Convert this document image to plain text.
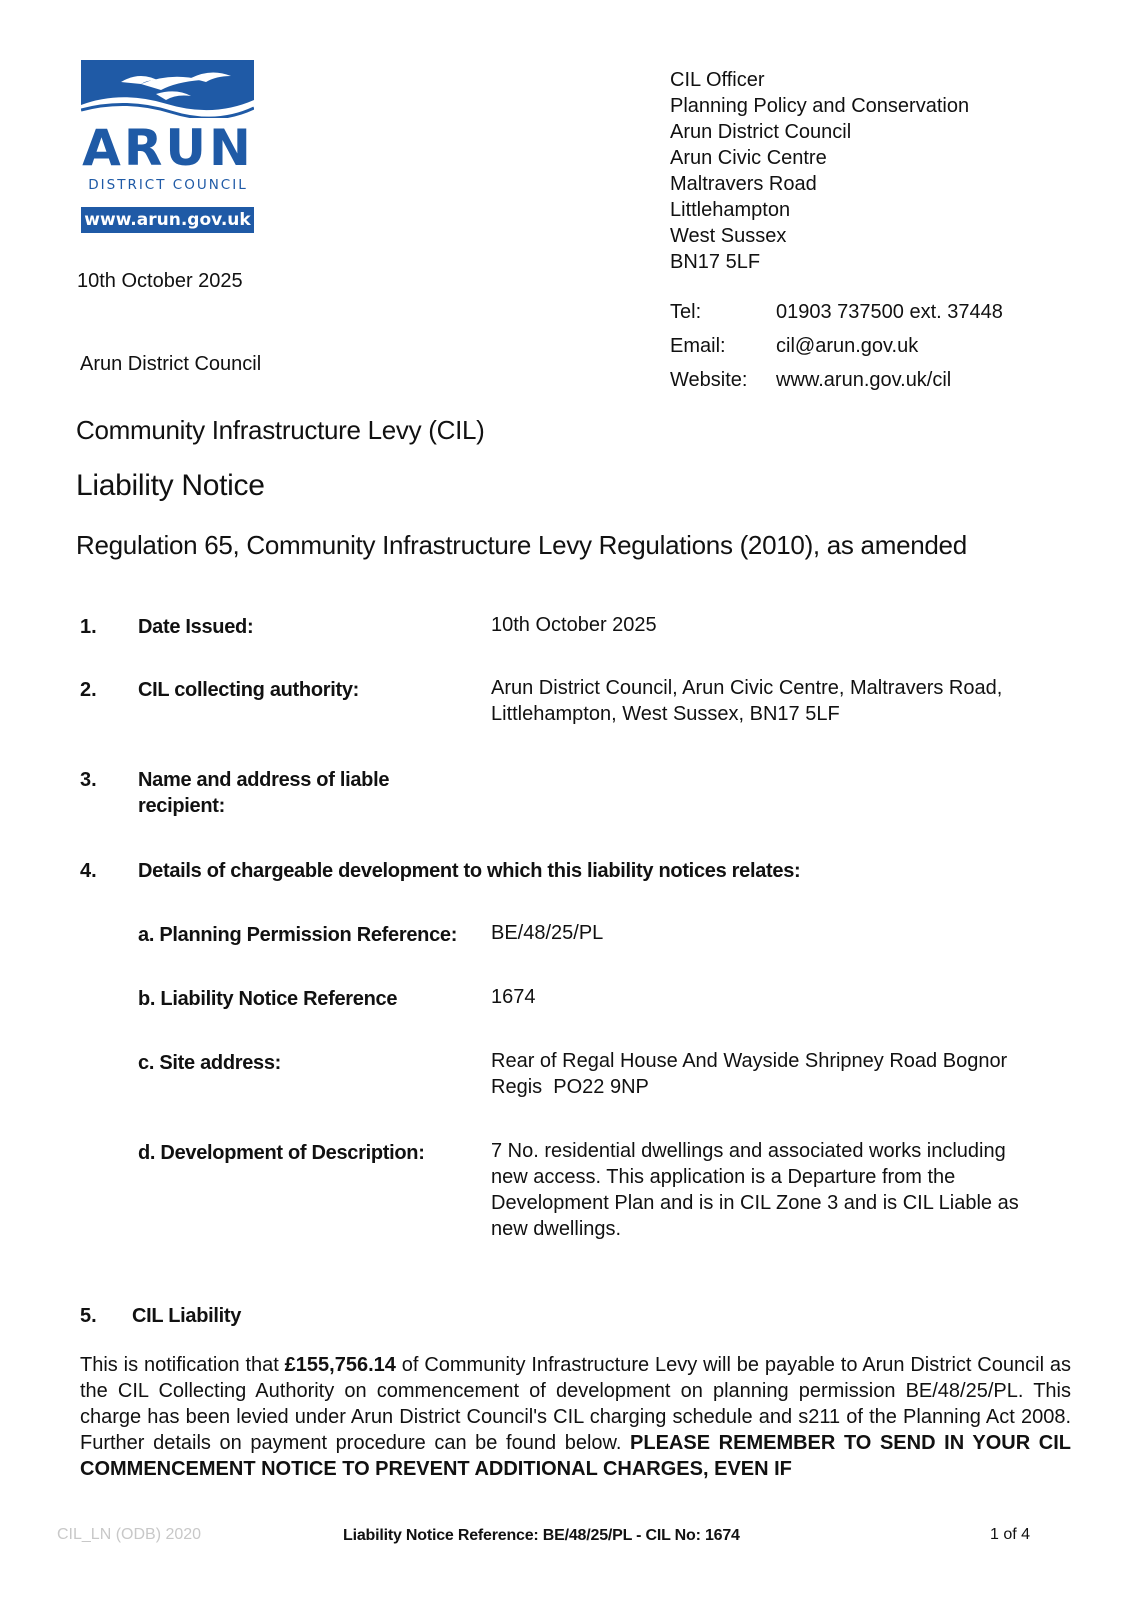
ARUN
DISTRICT COUNCIL
www.arun.gov.uk
10th October 2025
Arun District Council
CIL Officer
Planning Policy and Conservation
Arun District Council
Arun Civic Centre
Maltravers Road
Littlehampton
West Sussex
BN17 5LF
Tel:	01903 737500 ext. 37448
Email:	cil@arun.gov.uk
Website: www.arun.gov.uk/cil
Community Infrastructure Levy (CIL)
Liability Notice
Regulation 65, Community Infrastructure Levy Regulations (2010), as amended
1. Date Issued:	10th October 2025
2. CIL collecting authority:	Arun District Council, Arun Civic Centre, Maltravers Road,
Littlehampton, West Sussex, BN17 5LF
3. Name and address of liable
recipient:
4. Details of chargeable development to which this liability notices relates:
a. Planning Permission Reference: BE/48/25/PL
b. Liability Notice Reference	1674
c. Site address:	Rear of Regal House And Wayside Shripney Road Bognor
Regis  PO22 9NP
d. Development of Description:	7 No. residential dwellings and associated works including
new access. This application is a Departure from the
Development Plan and is in CIL Zone 3 and is CIL Liable as
new dwellings.
5. CIL Liability
This is notification that £155,756.14 of Community Infrastructure Levy will be payable to Arun District Council as the CIL Collecting Authority on commencement of development on planning permission BE/48/25/PL. This charge has been levied under Arun District Council's CIL charging schedule and s211 of the Planning Act 2008. Further details on payment procedure can be found below. PLEASE REMEMBER TO SEND IN YOUR CIL COMMENCEMENT NOTICE TO PREVENT ADDITIONAL CHARGES, EVEN IF
CIL_LN (ODB) 2020	Liability Notice Reference: BE/48/25/PL - CIL No: 1674	1 of 4
